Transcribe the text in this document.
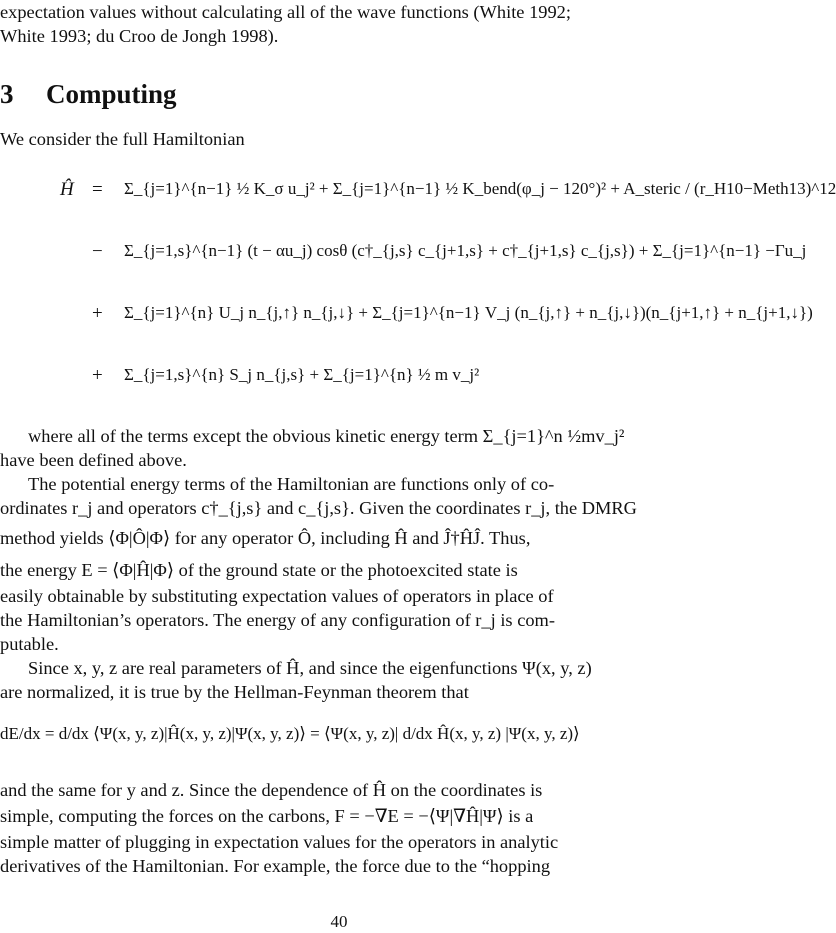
expectation values without calculating all of the wave functions (White 1992;
White 1993; du Croo de Jongh 1998).
3 Computing
We consider the full Hamiltonian
Ĥ = Σ_{j=1}^{n−1} ½ K_σ u_j² + Σ_{j=1}^{n−1} ½ K_bend(φ_j − 120°)² + A_steric / (r_H10−Meth13)^12
− Σ_{j=1,s}^{n−1} (t − αu_j) cosθ (c†_{j,s} c_{j+1,s} + c†_{j+1,s} c_{j,s}) + Σ_{j=1}^{n−1} −Γu_j
+ Σ_{j=1}^{n} U_j n_{j,↑} n_{j,↓} + Σ_{j=1}^{n−1} V_j (n_{j,↑} + n_{j,↓})(n_{j+1,↑} + n_{j+1,↓})
+ Σ_{j=1,s}^{n} S_j n_{j,s} + Σ_{j=1}^{n} ½ m v_j²
where all of the terms except the obvious kinetic energy term Σ_{j=1}^n ½mv_j²
have been defined above.
The potential energy terms of the Hamiltonian are functions only of co-
ordinates r_j and operators c†_{j,s} and c_{j,s}. Given the coordinates r_j, the DMRG
method yields ⟨Φ|Ô|Φ⟩ for any operator Ô, including Ĥ and Ĵ†ĤĴ. Thus,
the energy E = ⟨Φ|Ĥ|Φ⟩ of the ground state or the photoexcited state is
easily obtainable by substituting expectation values of operators in place of
the Hamiltonian’s operators. The energy of any configuration of r_j is com-
putable.
Since x, y, z are real parameters of Ĥ, and since the eigenfunctions Ψ(x, y, z)
are normalized, it is true by the Hellman-Feynman theorem that
dE/dx = d/dx ⟨Ψ(x, y, z)|Ĥ(x, y, z)|Ψ(x, y, z)⟩ = ⟨Ψ(x, y, z)| d/dx Ĥ(x, y, z) |Ψ(x, y, z)⟩
and the same for y and z. Since the dependence of Ĥ on the coordinates is
simple, computing the forces on the carbons, F = −∇E = −⟨Ψ|∇Ĥ|Ψ⟩ is a
simple matter of plugging in expectation values for the operators in analytic
derivatives of the Hamiltonian. For example, the force due to the “hopping
40
